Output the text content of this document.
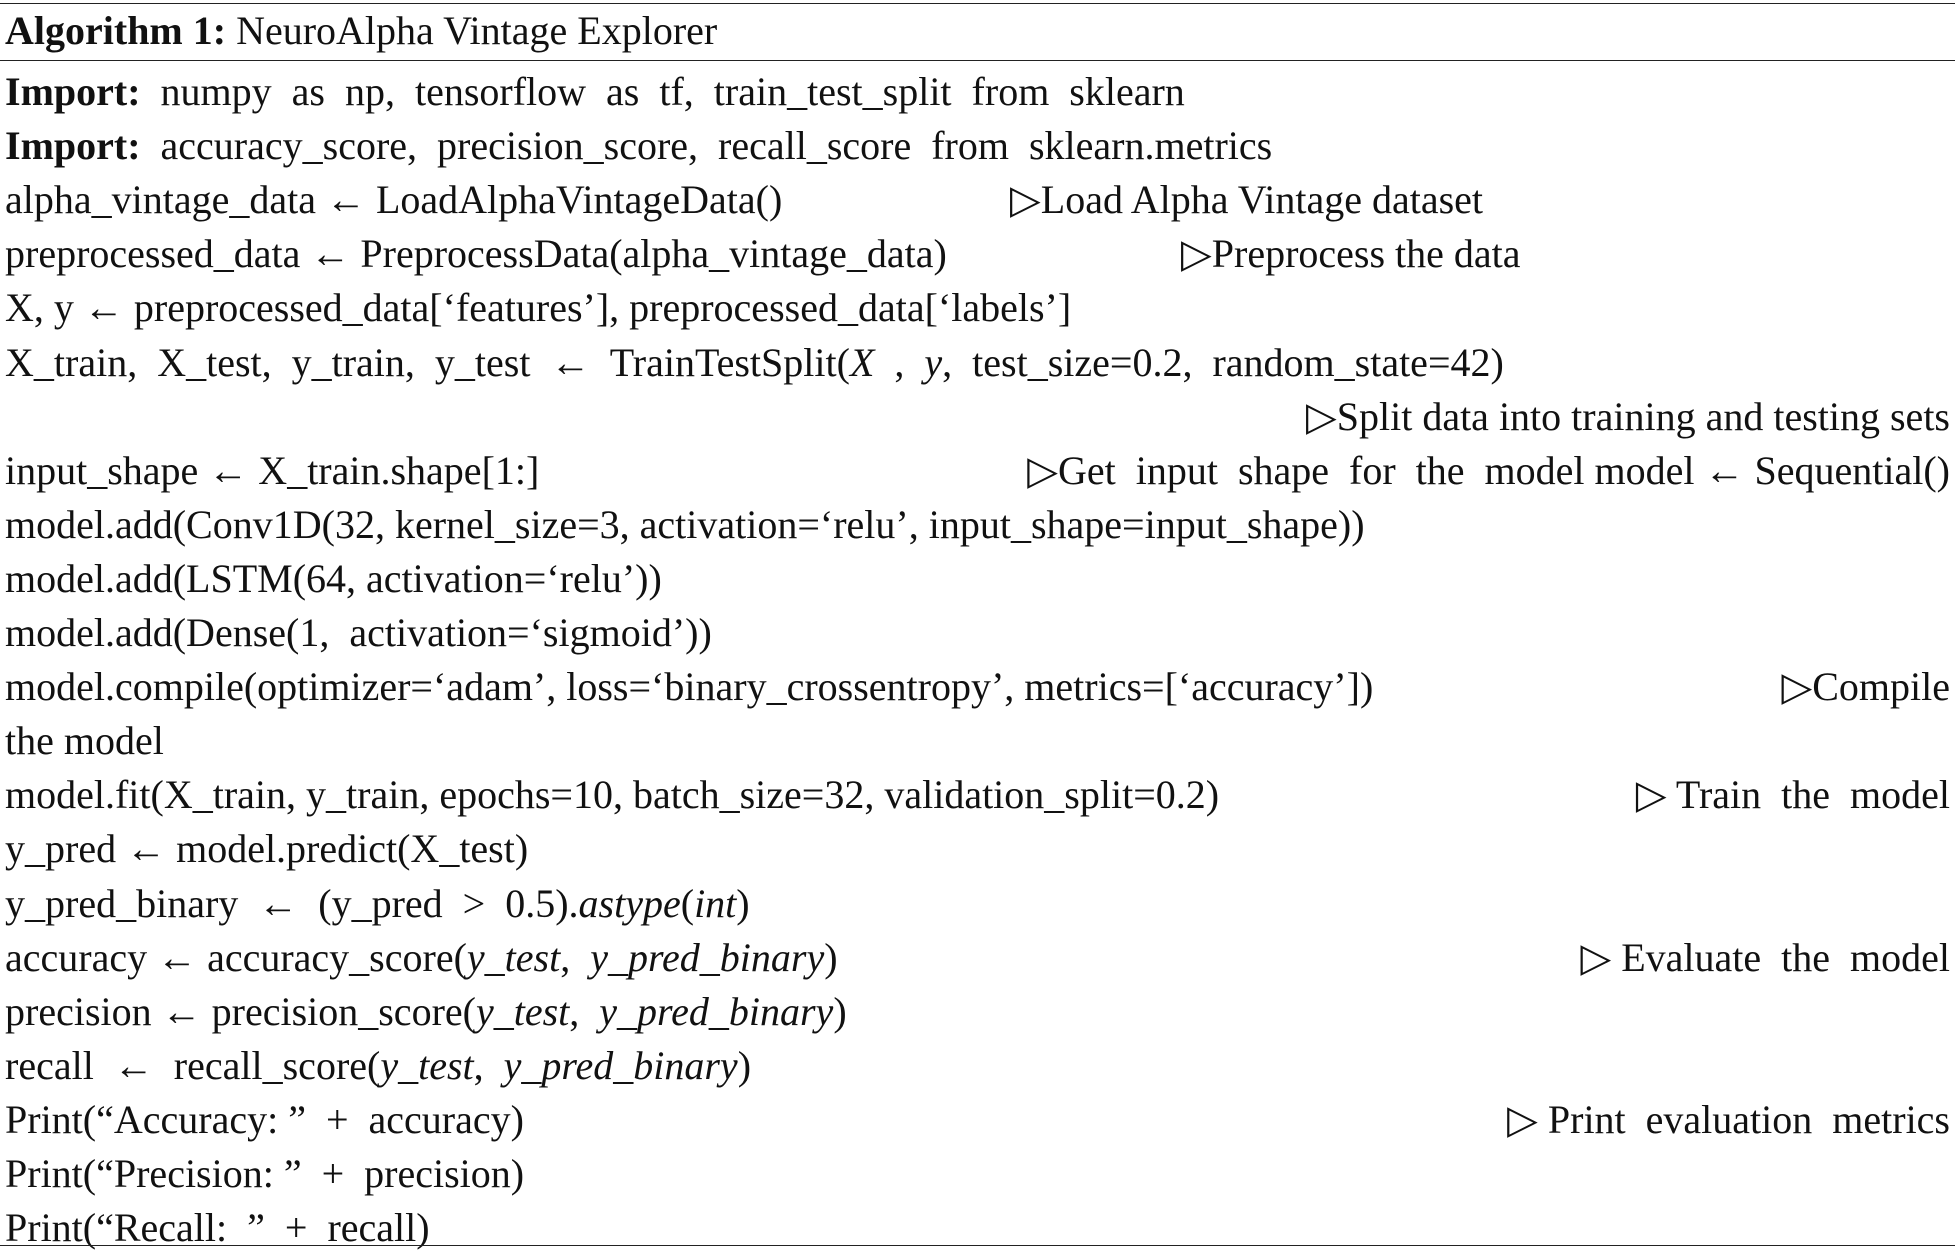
Algorithm 1: NeuroAlpha Vintage Explorer
Import:  numpy  as  np,  tensorflow  as  tf,  train_test_split  from  sklearn
Import:  accuracy_score,  precision_score,  recall_score  from  sklearn.metrics
alpha_vintage_data ← LoadAlphaVintageData()	▷Load Alpha Vintage dataset
preprocessed_data ← PreprocessData(alpha_vintage_data)	▷Preprocess the data
X, y ← preprocessed_data[‘features’], preprocessed_data[‘labels’]
X_train,  X_test,  y_train,  y_test  ←  TrainTestSplit(X  ,  y,  test_size=0.2,  random_state=42)
▷Split data into training and testing sets
input_shape ← X_train.shape[1:]	▷Get  input  shape  for  the  model model ← Sequential()
model.add(Conv1D(32, kernel_size=3, activation=‘relu’, input_shape=input_shape))
model.add(LSTM(64, activation=‘relu’))
model.add(Dense(1,  activation=‘sigmoid’))
model.compile(optimizer=‘adam’, loss=‘binary_crossentropy’, metrics=[‘accuracy’])	▷Compile
the model
model.fit(X_train, y_train, epochs=10, batch_size=32, validation_split=0.2)	▷ Train  the  model
y_pred ← model.predict(X_test)
y_pred_binary  ←  (y_pred  >  0.5).astype(int)
accuracy ← accuracy_score(y_test,  y_pred_binary)	▷ Evaluate  the  model
precision ← precision_score(y_test,  y_pred_binary)
recall  ←  recall_score(y_test,  y_pred_binary)
Print(“Accuracy: ”  +  accuracy)	▷ Print  evaluation  metrics
Print(“Precision: ”  +  precision)
Print(“Recall:  ”  +  recall)
